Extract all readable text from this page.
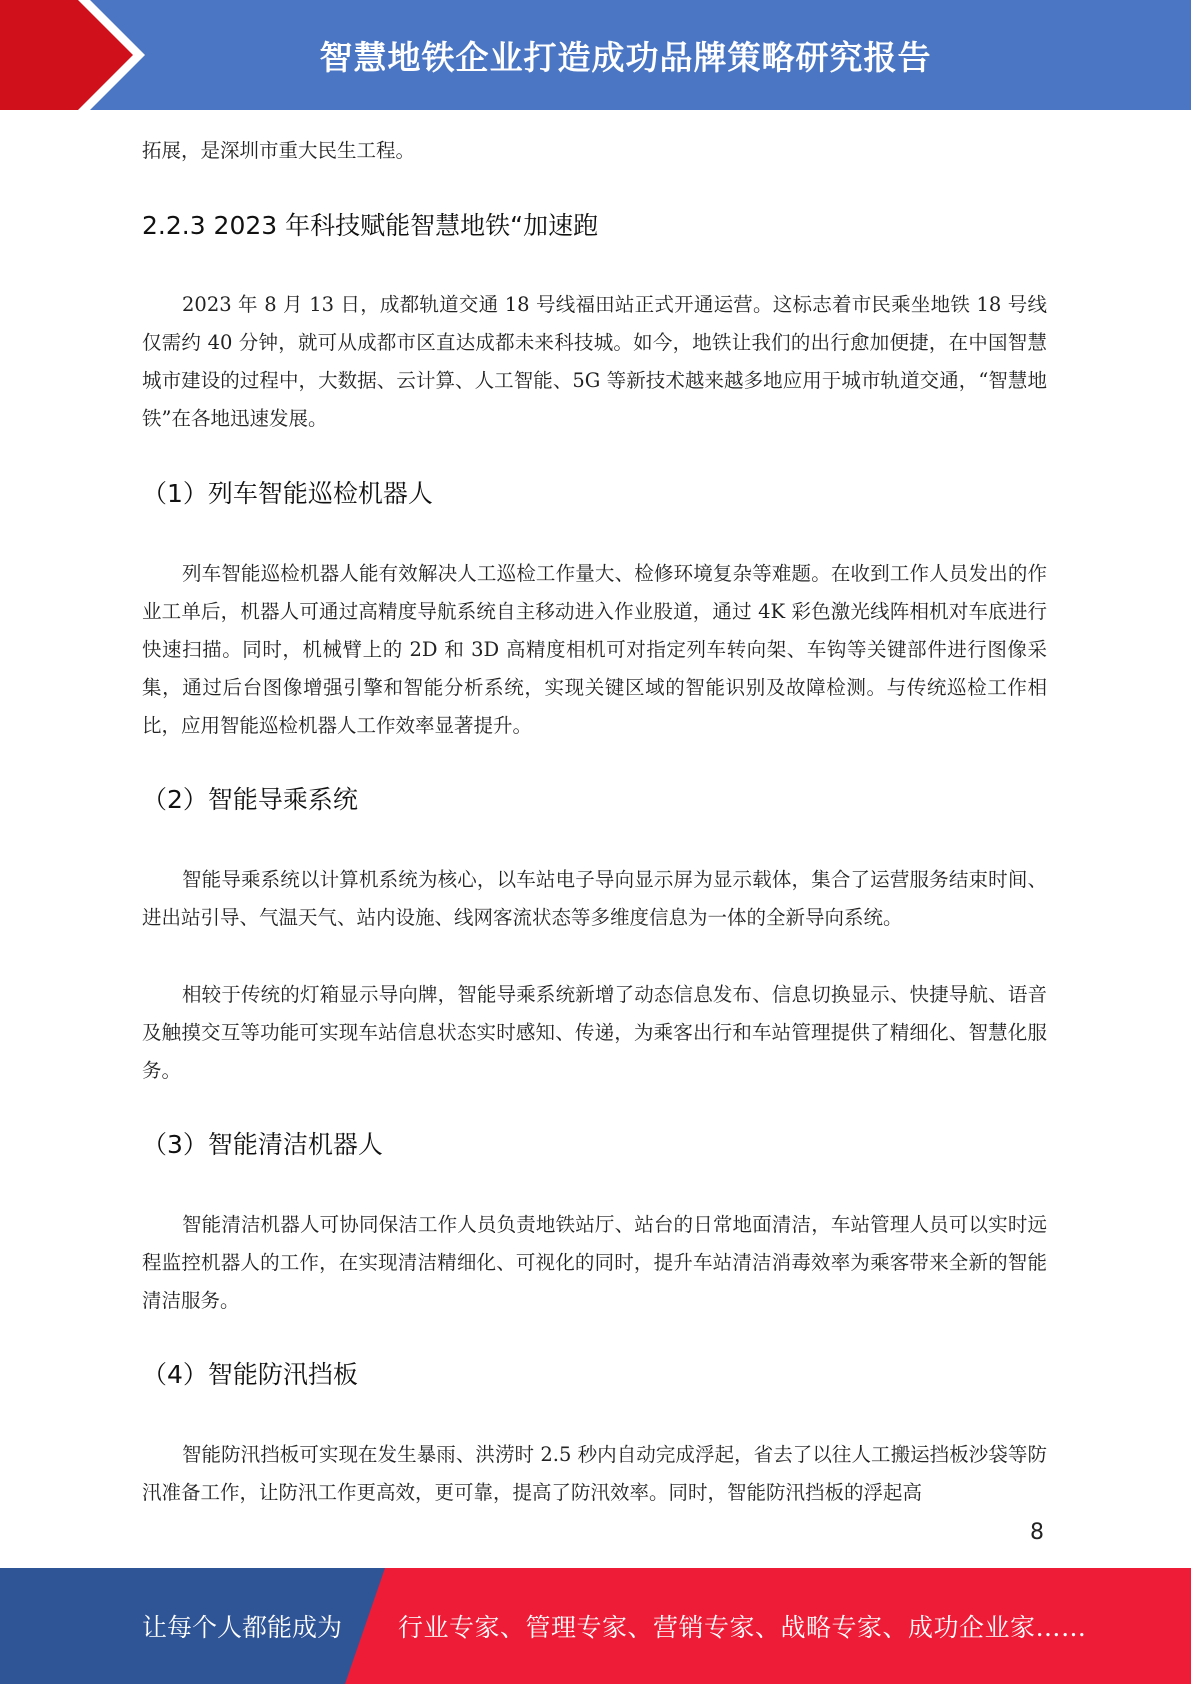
智慧地铁企业打造成功品牌策略研究报告

拓展，是深圳市重大民生工程。

2.2.3 2023 年科技赋能智慧地铁“加速跑

2023 年 8 月 13 日，成都轨道交通 18 号线福田站正式开通运营。这标志着市民乘坐地铁 18 号线仅需约 40 分钟，就可从成都市区直达成都未来科技城。如今，地铁让我们的出行愈加便捷，在中国智慧城市建设的过程中，大数据、云计算、人工智能、5G 等新技术越来越多地应用于城市轨道交通，“智慧地铁”在各地迅速发展。

（1）列车智能巡检机器人

列车智能巡检机器人能有效解决人工巡检工作量大、检修环境复杂等难题。在收到工作人员发出的作业工单后，机器人可通过高精度导航系统自主移动进入作业股道，通过 4K 彩色激光线阵相机对车底进行快速扫描。同时，机械臂上的 2D 和 3D 高精度相机可对指定列车转向架、车钩等关键部件进行图像采集，通过后台图像增强引擎和智能分析系统，实现关键区域的智能识别及故障检测。与传统巡检工作相比，应用智能巡检机器人工作效率显著提升。

（2）智能导乘系统

智能导乘系统以计算机系统为核心，以车站电子导向显示屏为显示载体，集合了运营服务结束时间、进出站引导、气温天气、站内设施、线网客流状态等多维度信息为一体的全新导向系统。

相较于传统的灯箱显示导向牌，智能导乘系统新增了动态信息发布、信息切换显示、快捷导航、语音及触摸交互等功能可实现车站信息状态实时感知、传递，为乘客出行和车站管理提供了精细化、智慧化服务。

（3）智能清洁机器人

智能清洁机器人可协同保洁工作人员负责地铁站厅、站台的日常地面清洁，车站管理人员可以实时远程监控机器人的工作，在实现清洁精细化、可视化的同时，提升车站清洁消毒效率为乘客带来全新的智能清洁服务。

（4）智能防汛挡板

智能防汛挡板可实现在发生暴雨、洪涝时 2.5 秒内自动完成浮起，省去了以往人工搬运挡板沙袋等防汛准备工作，让防汛工作更高效，更可靠，提高了防汛效率。同时，智能防汛挡板的浮起高

8
让每个人都能成为 行业专家、管理专家、营销专家、战略专家、成功企业家……
